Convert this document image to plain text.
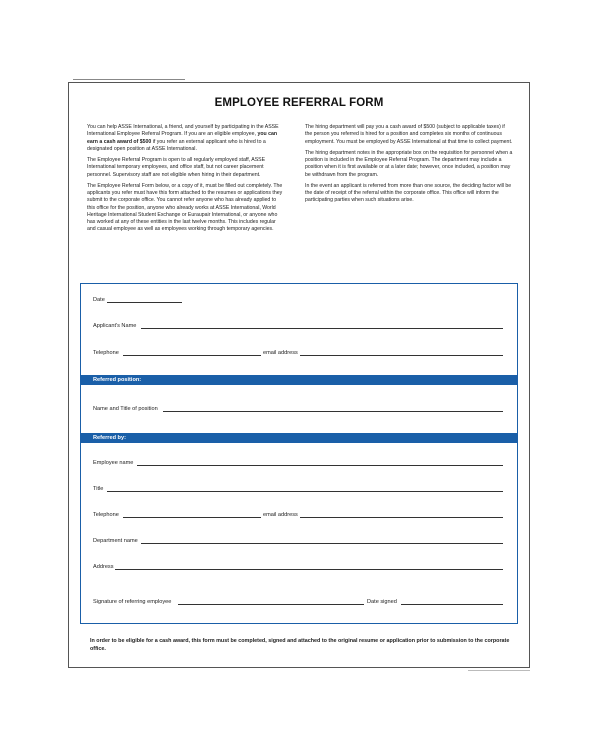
EMPLOYEE REFERRAL FORM

You can help ASSE International, a friend, and yourself by participating in the ASSE International Employee Referral Program. If you are an eligible employee, you can earn a cash award of $500 if you refer an external applicant who is hired to a designated open position at ASSE International.

The Employee Referral Program is open to all regularly employed staff, ASSE International temporary employees, and office staff, but not career placement personnel. Supervisory staff are not eligible when hiring in their department.

The Employee Referral Form below, or a copy of it, must be filled out completely. The applicants you refer must have this form attached to the resumes or applications they submit to the corporate office. You cannot refer anyone who has already applied to this office for the position, anyone who already works at ASSE International, World Heritage International Student Exchange or Euraupair International, or anyone who has worked at any of these entities in the last twelve months. This includes regular and casual employee as well as employees working through temporary agencies.

The hiring department will pay you a cash award of $500 (subject to applicable taxes) if the person you referred is hired for a position and completes six months of continuous employment. You must be employed by ASSE International at that time to collect payment.

The hiring department notes in the appropriate box on the requisition for personnel when a position is included in the Employee Referral Program. The department may include a position when it is first available or at a later date; however, once included, a position may be withdrawn from the program.

In the event an applicant is referred from more than one source, the deciding factor will be the date of receipt of the referral within the corporate office. This office will inform the participating parties when such situations arise.

Date
Applicant's Name
Telephone	email address
Referred position:
Name and Title of position
Referred by:
Employee name
Title
Telephone	email address
Department name
Address
Signature of referring employee	Date signed
In order to be eligible for a cash award, this form must be completed, signed and attached to the original resume or application prior to submission to the corporate office.
